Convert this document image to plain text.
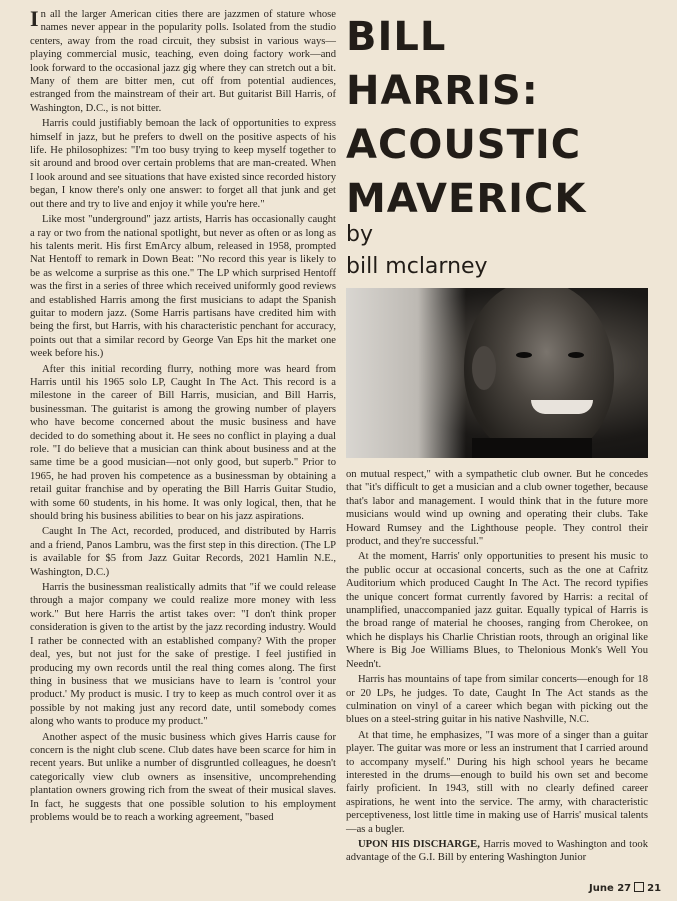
In all the larger American cities there are jazzmen of stature whose names never appear in the popularity polls. Isolated from the studio centers, away from the road circuit, they subsist in various ways—playing commercial music, teaching, even doing factory work—and look forward to the occasional jazz gig where they can stretch out a bit. Many of them are bitter men, cut off from potential audiences, estranged from the mainstream of their art. But guitarist Bill Harris, of Washington, D.C., is not bitter.

Harris could justifiably bemoan the lack of opportunities to express himself in jazz, but he prefers to dwell on the positive aspects of his life. He philosophizes: "I'm too busy trying to keep myself together to sit around and brood over certain problems that are man-created. When I look around and see situations that have existed since recorded history began, I know there's only one answer: to forget all that junk and get out there and try to live and enjoy it while you're here."

Like most "underground" jazz artists, Harris has occasionally caught a ray or two from the national spotlight, but never as often or as long as his talents merit. His first EmArcy album, released in 1958, prompted Nat Hentoff to remark in Down Beat: "No record this year is likely to be as welcome a surprise as this one." The LP which surprised Hentoff was the first in a series of three which received uniformly good reviews and established Harris among the first musicians to adapt the Spanish guitar to modern jazz. (Some Harris partisans have credited him with being the first, but Harris, with his characteristic penchant for accuracy, points out that a similar record by George Van Eps hit the market one week before his.)

After this initial recording flurry, nothing more was heard from Harris until his 1965 solo LP, Caught In The Act. This record is a milestone in the career of Bill Harris, musician, and Bill Harris, businessman. The guitarist is among the growing number of players who have become concerned about the music business and have decided to do something about it. He sees no conflict in playing a dual role. "I do believe that a musician can think about business and at the same time be a good musician—not only good, but superb." Prior to 1965, he had proven his competence as a businessman by obtaining a retail guitar franchise and by operating the Bill Harris Guitar Studio, with some 60 students, in his home. It was only logical, then, that he should bring his business abilities to bear on his jazz aspirations.

Caught In The Act, recorded, produced, and distributed by Harris and a friend, Panos Lambru, was the first step in this direction. (The LP is available for $5 from Jazz Guitar Records, 2021 Hamlin N.E., Washington, D.C.)

Harris the businessman realistically admits that "if we could release through a major company we could realize more money with less work." But here Harris the artist takes over: "I don't think proper consideration is given to the artist by the jazz recording industry. Would I rather be connected with an established company? With the proper deal, yes, but not just for the sake of prestige. I feel justified in producing my own records until the real thing comes along. The first thing in business that we musicians have to learn is 'control your product.' My product is music. I try to keep as much control over it as possible by not making just any record date, until somebody comes along who wants to produce my product."

Another aspect of the music business which gives Harris cause for concern is the night club scene. Club dates have been scarce for him in recent years. But unlike a number of disgruntled colleagues, he doesn't categorically view club owners as insensitive, uncomprehending plantation owners growing rich from the sweat of their musical slaves. In fact, he suggests that one possible solution to his employment problems would be to reach a working agreement, "based

BILL
HARRIS:
ACOUSTIC
MAVERICK
by
bill mclarney

on mutual respect," with a sympathetic club owner. But he concedes that "it's difficult to get a musician and a club owner together, because that's labor and management. I would think that in the future more musicians would wind up owning and operating their clubs. Take Howard Rumsey and the Lighthouse people. They control their product, and they're successful."

At the moment, Harris' only opportunities to present his music to the public occur at occasional concerts, such as the one at Cafritz Auditorium which produced Caught In The Act. The record typifies the unique concert format currently favored by Harris: a recital of unamplified, unaccompanied jazz guitar. Equally typical of Harris is the broad range of material he chooses, ranging from Cherokee, on which he displays his Charlie Christian roots, through an original like Where is Big Joe Williams Blues, to Thelonious Monk's Well You Needn't.

Harris has mountains of tape from similar concerts—enough for 18 or 20 LPs, he judges. To date, Caught In The Act stands as the culmination on vinyl of a career which began with picking out the blues on a steel-string guitar in his native Nashville, N.C.

At that time, he emphasizes, "I was more of a singer than a guitar player. The guitar was more or less an instrument that I carried around to accompany myself." During his high school years he became interested in the drums—enough to build his own set and become fairly proficient. In 1943, still with no clearly defined career aspirations, he went into the service. The army, with characteristic perceptiveness, lost little time in making use of Harris' musical talents—as a bugler.

UPON HIS DISCHARGE, Harris moved to Washington and took advantage of the G.I. Bill by entering Washington Junior

June 27 21
